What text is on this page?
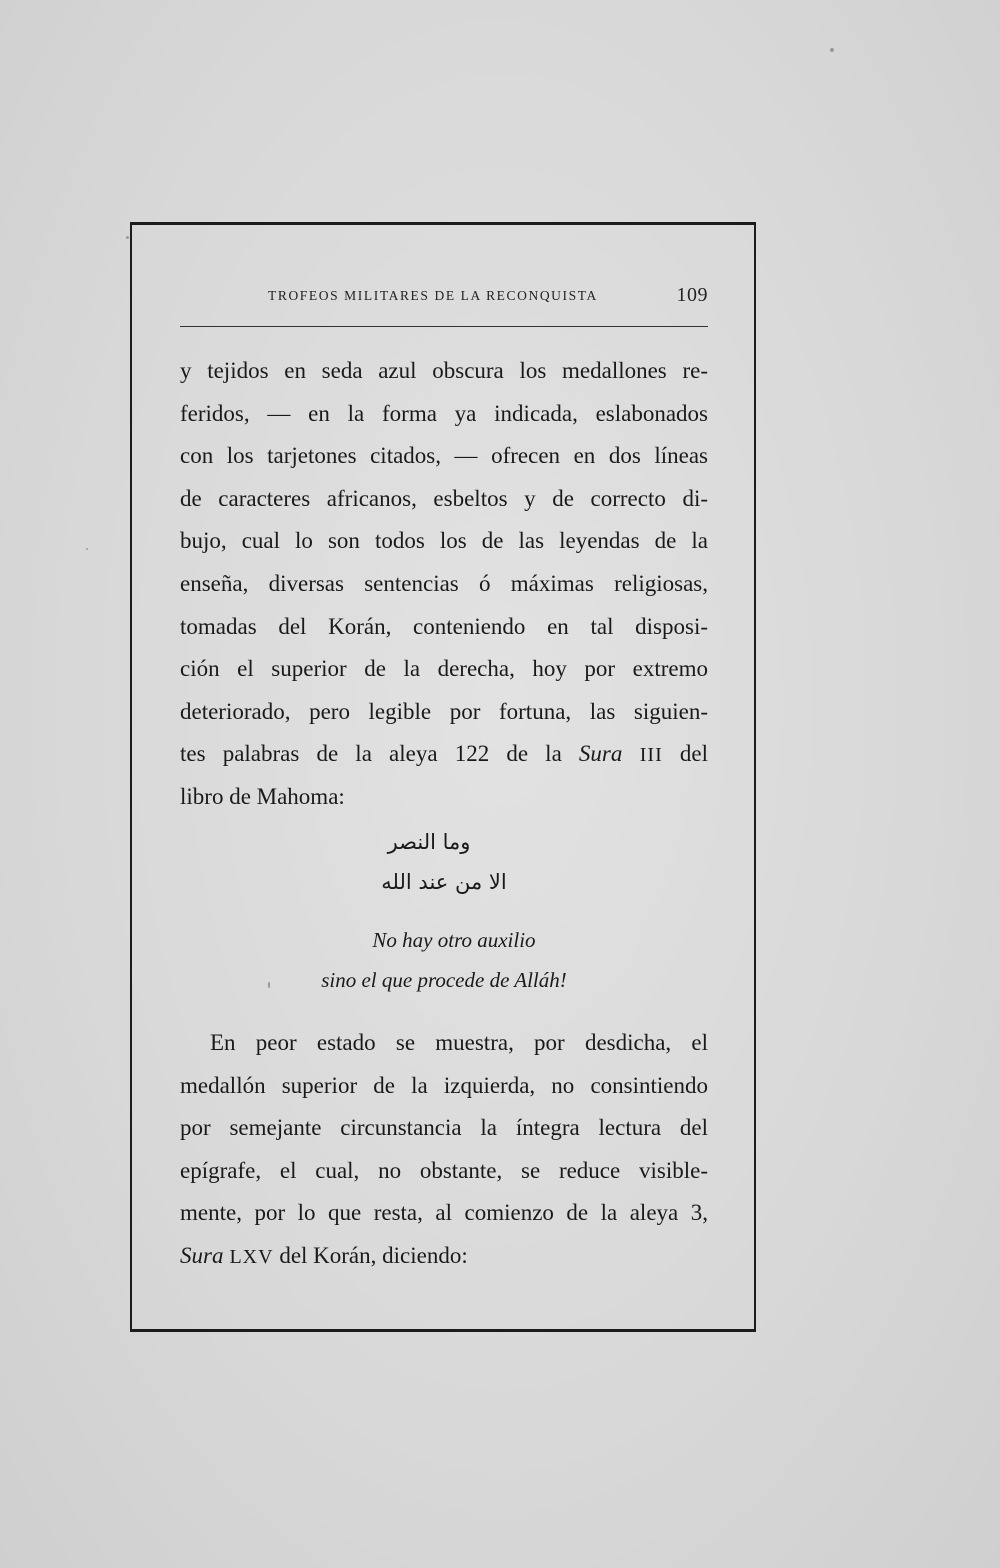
TROFEOS MILITARES DE LA RECONQUISTA	109
y tejidos en seda azul obscura los medallones re-
feridos, — en la forma ya indicada, eslabonados
con los tarjetones citados, — ofrecen en dos líneas
de caracteres africanos, esbeltos y de correcto di-
bujo, cual lo son todos los de las leyendas de la
enseña, diversas sentencias ó máximas religiosas,
tomadas del Korán, conteniendo en tal disposi-
ción el superior de la derecha, hoy por extremo
deteriorado, pero legible por fortuna, las siguien-
tes palabras de la aleya 122 de la Sura III del
libro de Mahoma:
وما النصر
الا من عند الله
No hay otro auxilio
sino el que procede de Alláh!
En peor estado se muestra, por desdicha, el
medallón superior de la izquierda, no consintiendo
por semejante circunstancia la íntegra lectura del
epígrafe, el cual, no obstante, se reduce visible-
mente, por lo que resta, al comienzo de la aleya 3,
Sura LXV del Korán, diciendo:
